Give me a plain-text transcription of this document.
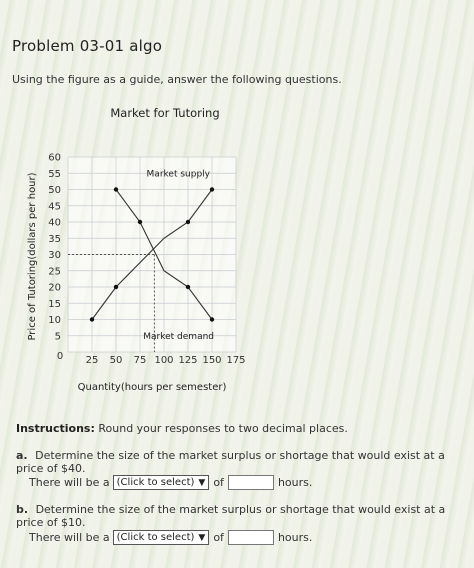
Problem 03-01 algo
Using the figure as a guide, answer the following questions.
Market for Tutoring
5
10
15
20
25
30
35
40
45
50
55
60
0 25 50 75 100 125 150 175
Quantity(hours per semester)
Price of Tutoring(dollars per hour)	Market supply
Market demand
Instructions: Round your responses to two decimal places.
a. Determine the size of the market surplus or shortage that would exist at a price of $40.
There will be a (Click to select) ▼ of	hours.
b. Determine the size of the market surplus or shortage that would exist at a price of $10.
There will be a (Click to select) ▼ of	hours.
